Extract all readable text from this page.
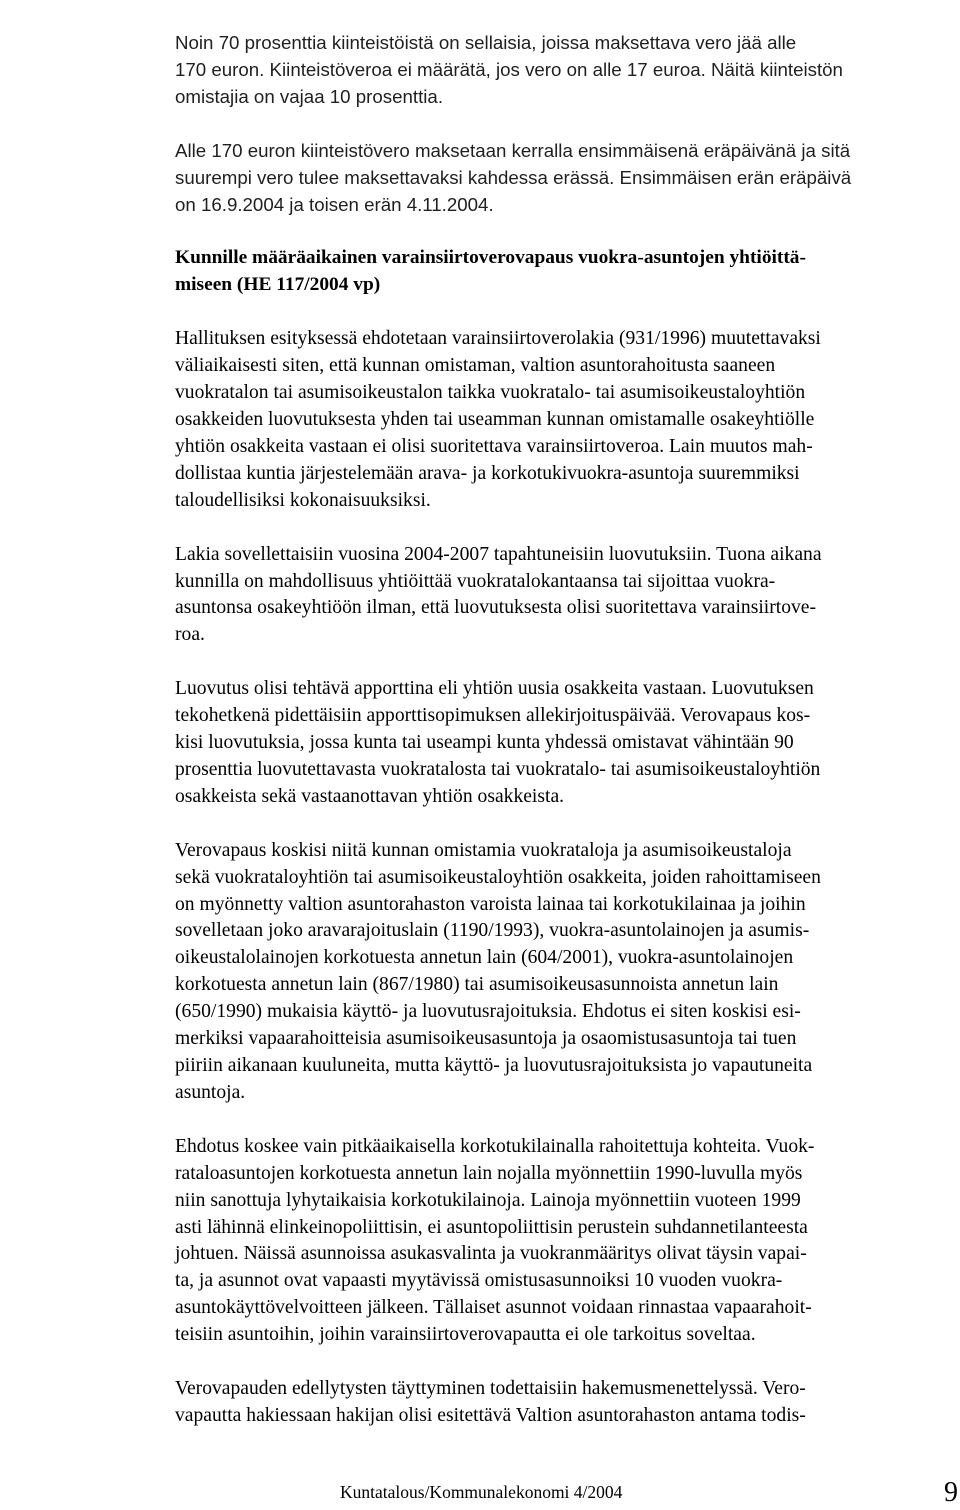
Noin 70 prosenttia kiinteistöistä on sellaisia, joissa maksettava vero jää alle
170 euron. Kiinteistöveroa ei määrätä, jos vero on alle 17 euroa. Näitä kiinteistön
omistajia on vajaa 10 prosenttia.
Alle 170 euron kiinteistövero maksetaan kerralla ensimmäisenä eräpäivänä ja sitä
suurempi vero tulee maksettavaksi kahdessa erässä. Ensimmäisen erän eräpäivä
on 16.9.2004 ja toisen erän 4.11.2004.
Kunnille määräaikainen varainsiirtoverovapaus vuokra-asuntojen yhtiöittä-
miseen (HE 117/2004 vp)
Hallituksen esityksessä ehdotetaan varainsiirtoverolakia (931/1996) muutettavaksi
väliaikaisesti siten, että kunnan omistaman, valtion asuntorahoitusta saaneen
vuokratalon tai asumisoikeustalon taikka vuokratalo- tai asumisoikeustaloyhtiön
osakkeiden luovutuksesta yhden tai useamman kunnan omistamalle osakeyhtiölle
yhtiön osakkeita vastaan ei olisi suoritettava varainsiirtoveroa. Lain muutos mah-
dollistaa kuntia järjestelemään arava- ja korkotukivuokra-asuntoja suuremmiksi
taloudellisiksi kokonaisuuksiksi.
Lakia sovellettaisiin vuosina 2004-2007 tapahtuneisiin luovutuksiin. Tuona aikana
kunnilla on mahdollisuus yhtiöittää vuokratalokantaansa tai sijoittaa vuokra-
asuntonsa osakeyhtiöön ilman, että luovutuksesta olisi suoritettava varainsiirtove-
roa.
Luovutus olisi tehtävä apporttina eli yhtiön uusia osakkeita vastaan. Luovutuksen
tekohetkenä pidettäisiin apporttisopimuksen allekirjoituspäivää. Verovapaus kos-
kisi luovutuksia, jossa kunta tai useampi kunta yhdessä omistavat vähintään 90
prosenttia luovutettavasta vuokratalosta tai vuokratalo- tai asumisoikeustaloyhtiön
osakkeista sekä vastaanottavan yhtiön osakkeista.
Verovapaus koskisi niitä kunnan omistamia vuokrataloja ja asumisoikeustaloja
sekä vuokrataloyhtiön tai asumisoikeustaloyhtiön osakkeita, joiden rahoittamiseen
on myönnetty valtion asuntorahaston varoista lainaa tai korkotukilainaa ja joihin
sovelletaan joko aravarajoituslain (1190/1993), vuokra-asuntolainojen ja asumis-
oikeustalolainojen korkotuesta annetun lain (604/2001), vuokra-asuntolainojen
korkotuesta annetun lain (867/1980) tai asumisoikeusasunnoista annetun lain
(650/1990) mukaisia käyttö- ja luovutusrajoituksia. Ehdotus ei siten koskisi esi-
merkiksi vapaarahoitteisia asumisoikeusasuntoja ja osaomistusasuntoja tai tuen
piiriin aikanaan kuuluneita, mutta käyttö- ja luovutusrajoituksista jo vapautuneita
asuntoja.
Ehdotus koskee vain pitkäaikaisella korkotukilainalla rahoitettuja kohteita. Vuok-
rataloasuntojen korkotuesta annetun lain nojalla myönnettiin 1990-luvulla myös
niin sanottuja lyhytaikaisia korkotukilainoja. Lainoja myönnettiin vuoteen 1999
asti lähinnä elinkeinopoliittisin, ei asuntopoliittisin perustein suhdannetilanteesta
johtuen. Näissä asunnoissa asukasvalinta ja vuokranmääritys olivat täysin vapai-
ta, ja asunnot ovat vapaasti myytävissä omistusasunnoiksi 10 vuoden vuokra-
asuntokäyttövelvoitteen jälkeen. Tällaiset asunnot voidaan rinnastaa vapaarahoit-
teisiin asuntoihin, joihin varainsiirtoverovapautta ei ole tarkoitus soveltaa.
Verovapauden edellytysten täyttyminen todettaisiin hakemusmenettelyssä. Vero-
vapautta hakiessaan hakijan olisi esitettävä Valtion asuntorahaston antama todis-
Kuntatalous/Kommunalekonomi 4/2004	9
